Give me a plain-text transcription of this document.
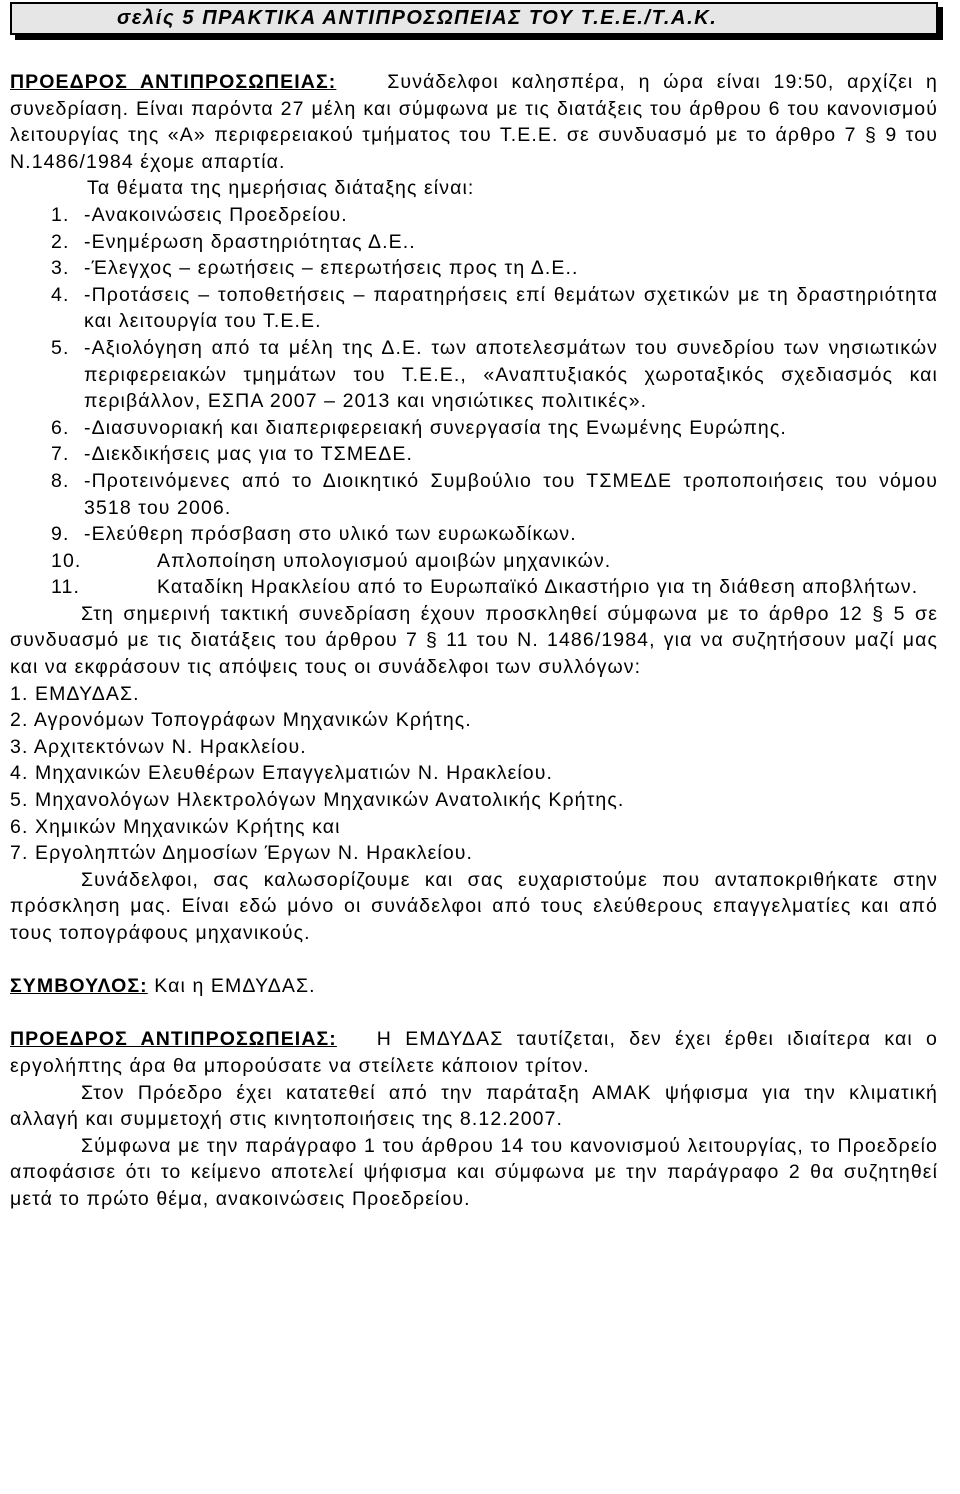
σελίς 5 ΠΡΑΚΤΙΚΑ ΑΝΤΙΠΡΟΣΩΠΕΙΑΣ ΤΟΥ Τ.Ε.Ε./Τ.Α.Κ.

ΠΡΟΕΔΡΟΣ ΑΝΤΙΠΡΟΣΩΠΕΙΑΣ:	Συνάδελφοι καλησπέρα, η ώρα είναι 19:50, αρχίζει η συνεδρίαση. Είναι παρόντα 27 μέλη και σύμφωνα με τις διατάξεις του άρθρου 6 του κανονισμού λειτουργίας της «Α» περιφερειακού τμήματος του Τ.Ε.Ε. σε συνδυασμό με το άρθρο 7 § 9 του Ν.1486/1984 έχομε απαρτία.

Τα θέματα της ημερήσιας διάταξης είναι:

1. -Ανακοινώσεις Προεδρείου.
2. -Ενημέρωση δραστηριότητας Δ.Ε..
3. -Έλεγχος – ερωτήσεις – επερωτήσεις προς τη Δ.Ε..
4. -Προτάσεις – τοποθετήσεις – παρατηρήσεις επί θεμάτων σχετικών με τη δραστηριότητα και λειτουργία του Τ.Ε.Ε.
5. -Αξιολόγηση από τα μέλη της Δ.Ε. των αποτελεσμάτων του συνεδρίου των νησιωτικών περιφερειακών τμημάτων του Τ.Ε.Ε., «Αναπτυξιακός χωροταξικός σχεδιασμός και περιβάλλον, ΕΣΠΑ 2007 – 2013 και νησιώτικες πολιτικές».
6. -Διασυνοριακή και διαπεριφερειακή συνεργασία της Ενωμένης Ευρώπης.
7. -Διεκδικήσεις μας για το ΤΣΜΕΔΕ.
8. -Προτεινόμενες από το Διοικητικό Συμβούλιο του ΤΣΜΕΔΕ τροποποιήσεις του νόμου 3518 του 2006.
9. -Ελεύθερη πρόσβαση στο υλικό των ευρωκωδίκων.
10.	Απλοποίηση υπολογισμού αμοιβών μηχανικών.
11.	Καταδίκη Ηρακλείου από το Ευρωπαϊκό Δικαστήριο για τη διάθεση αποβλήτων.

Στη σημερινή τακτική συνεδρίαση έχουν προσκληθεί σύμφωνα με το άρθρο 12 § 5 σε συνδυασμό με τις διατάξεις του άρθρου 7 § 11 του Ν. 1486/1984, για να συζητήσουν μαζί μας και να εκφράσουν τις απόψεις τους οι συνάδελφοι των συλλόγων:

1. ΕΜΔΥΔΑΣ.

2. Αγρονόμων Τοπογράφων Μηχανικών Κρήτης.

3. Αρχιτεκτόνων Ν. Ηρακλείου.

4. Μηχανικών Ελευθέρων Επαγγελματιών Ν. Ηρακλείου.

5. Μηχανολόγων Ηλεκτρολόγων Μηχανικών Ανατολικής Κρήτης.

6. Χημικών Μηχανικών Κρήτης και

7. Εργοληπτών Δημοσίων Έργων Ν. Ηρακλείου.

Συνάδελφοι, σας καλωσορίζουμε και σας ευχαριστούμε που ανταποκριθήκατε στην πρόσκληση μας. Είναι εδώ μόνο οι συνάδελφοι από τους ελεύθερους επαγγελματίες και από τους τοπογράφους μηχανικούς.

ΣΥΜΒΟΥΛΟΣ: Και η ΕΜΔΥΔΑΣ.

ΠΡΟΕΔΡΟΣ ΑΝΤΙΠΡΟΣΩΠΕΙΑΣ: Η ΕΜΔΥΔΑΣ ταυτίζεται, δεν έχει έρθει ιδιαίτερα και ο εργολήπτης άρα θα μπορούσατε να στείλετε κάποιον τρίτον.

Στον Πρόεδρο έχει κατατεθεί από την παράταξη ΑΜΑΚ ψήφισμα για την κλιματική αλλαγή και συμμετοχή στις κινητοποιήσεις της 8.12.2007.

Σύμφωνα με την παράγραφο 1 του άρθρου 14 του κανονισμού λειτουργίας, το Προεδρείο αποφάσισε ότι το κείμενο αποτελεί ψήφισμα και σύμφωνα με την παράγραφο 2 θα συζητηθεί μετά το πρώτο θέμα, ανακοινώσεις Προεδρείου.
